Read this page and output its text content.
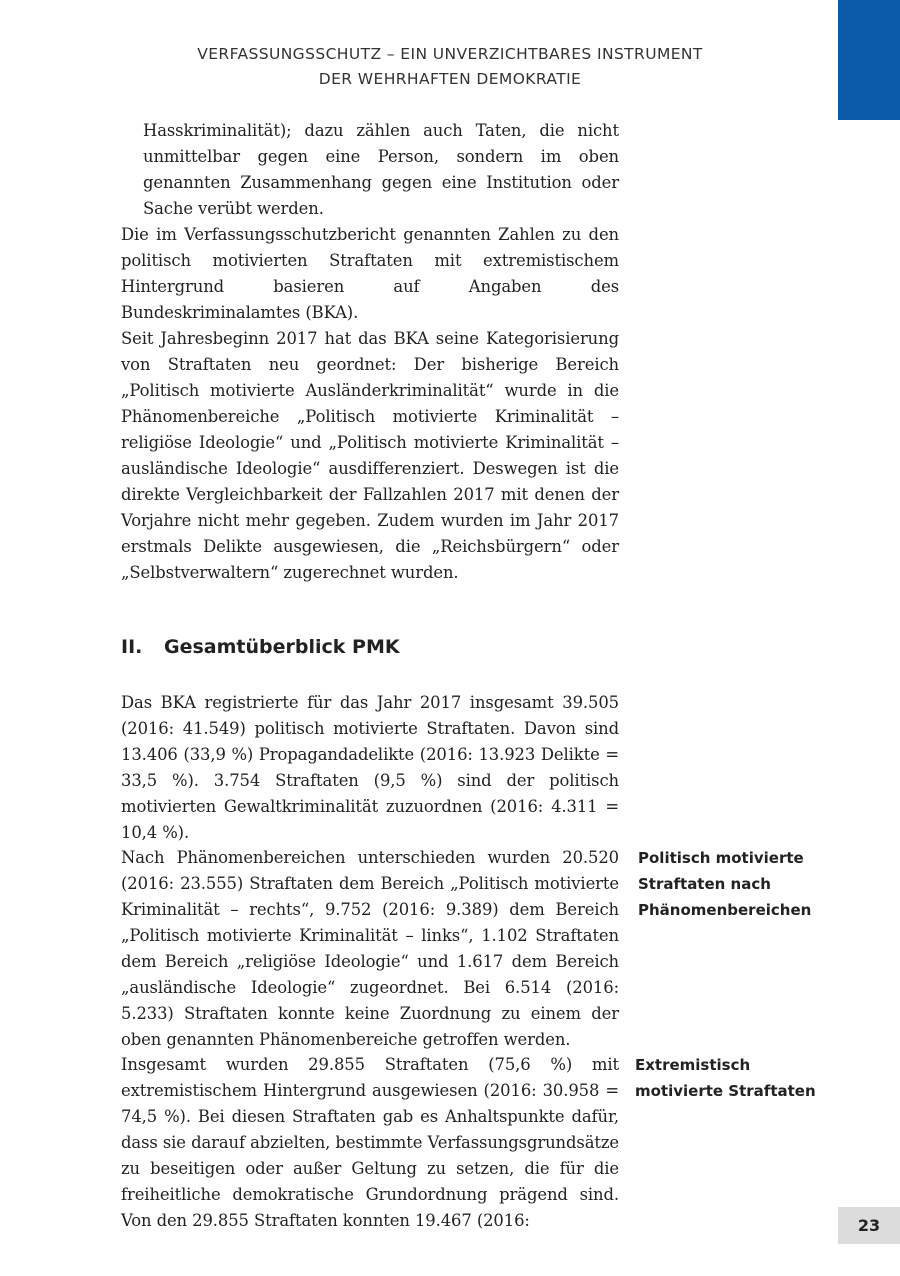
VERFASSUNGSSCHUTZ – EIN UNVERZICHTBARES INSTRUMENT
DER WEHRHAFTEN DEMOKRATIE

Hasskriminalität); dazu zählen auch Taten, die nicht unmittelbar gegen eine Person, sondern im oben genannten Zusammenhang gegen eine Institution oder Sache verübt werden.

Die im Verfassungsschutzbericht genannten Zahlen zu den politisch motivierten Straftaten mit extremistischem Hintergrund basieren auf Angaben des Bundeskriminalamtes (BKA).

Seit Jahresbeginn 2017 hat das BKA seine Kategorisierung von Straftaten neu geordnet: Der bisherige Bereich „Politisch motivierte Ausländerkriminalität“ wurde in die Phänomenbereiche „Politisch motivierte Kriminalität – religiöse Ideologie“ und „Politisch motivierte Kriminalität – ausländische Ideologie“ ausdifferenziert. Deswegen ist die direkte Vergleichbarkeit der Fallzahlen 2017 mit denen der Vorjahre nicht mehr gegeben. Zudem wurden im Jahr 2017 erstmals Delikte ausgewiesen, die „Reichsbürgern“ oder „Selbstverwaltern“ zugerechnet wurden.

II. Gesamtüberblick PMK

Das BKA registrierte für das Jahr 2017 insgesamt 39.505 (2016: 41.549) politisch motivierte Straftaten. Davon sind 13.406 (33,9 %) Propagandadelikte (2016: 13.923 Delikte = 33,5 %). 3.754 Straftaten (9,5 %) sind der politisch motivierten Gewaltkriminalität zuzuordnen (2016: 4.311 = 10,4 %).

Nach Phänomenbereichen unterschieden wurden 20.520 (2016: 23.555) Straftaten dem Bereich „Politisch motivierte Kriminalität – rechts“, 9.752 (2016: 9.389) dem Bereich „Politisch motivierte Kriminalität – links“, 1.102 Straftaten dem Bereich „religiöse Ideologie“ und 1.617 dem Bereich „ausländische Ideologie“ zugeordnet. Bei 6.514 (2016: 5.233) Straftaten konnte keine Zuordnung zu einem der oben genannten Phänomenbereiche getroffen werden.

Insgesamt wurden 29.855 Straftaten (75,6 %) mit extremistischem Hintergrund ausgewiesen (2016: 30.958 = 74,5 %). Bei diesen Straftaten gab es Anhaltspunkte dafür, dass sie darauf abzielten, bestimmte Verfassungsgrundsätze zu beseitigen oder außer Geltung zu setzen, die für die freiheitliche demokratische Grundordnung prägend sind. Von den 29.855 Straftaten konnten 19.467 (2016:

Politisch motivierte
Straftaten nach
Phänomenbereichen
Extremistisch
motivierte Straftaten
23
